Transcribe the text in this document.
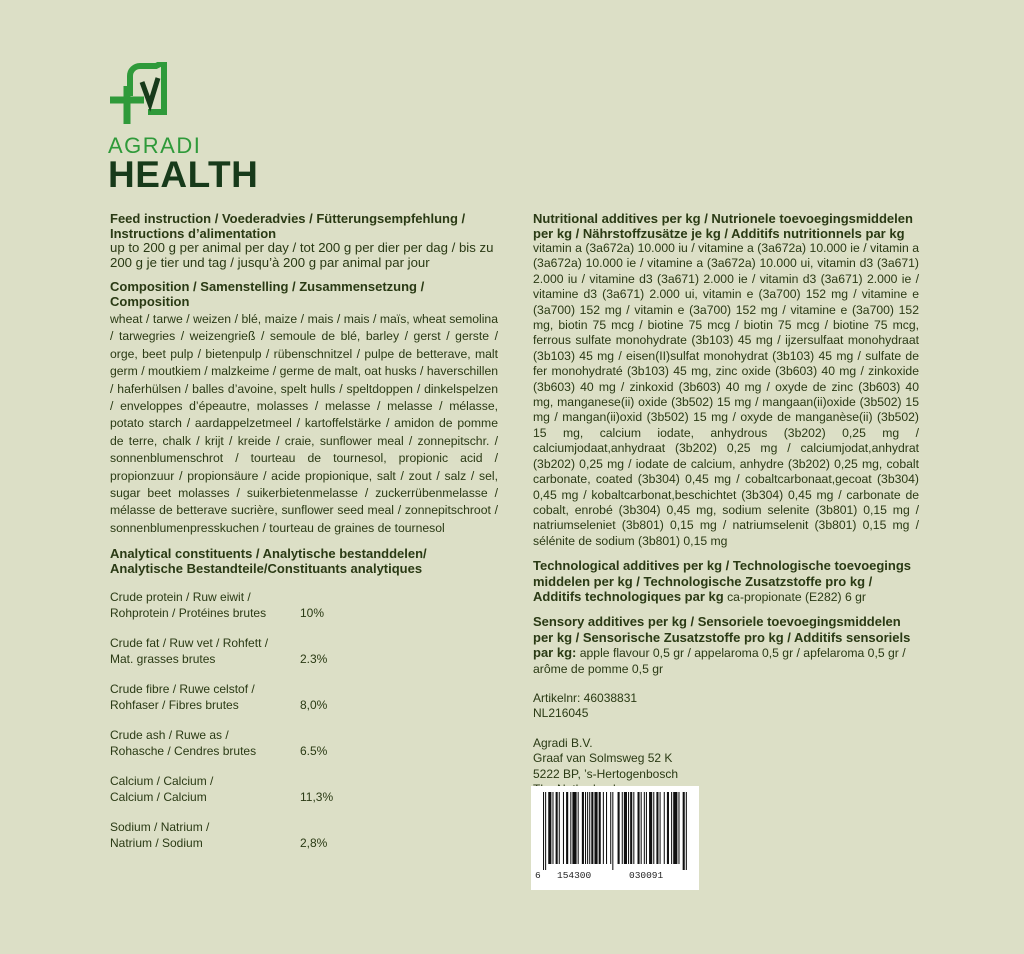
AGRADI
HEALTH
Feed instruction / Voederadvies / Fütterungsempfehlung / Instructions d’alimentation
up to 200 g per animal per day / tot 200 g per dier per dag / bis zu 200 g je tier und tag / jusqu’à 200 g par animal par jour
Composition / Samenstelling / Zusammensetzung / Composition
wheat / tarwe / weizen / blé, maize / mais / mais / maïs, wheat semolina / tarwegries / weizengrieß / semoule de blé, barley / gerst / gerste / orge, beet pulp / bietenpulp / rübenschnitzel / pulpe de betterave, malt germ / moutkiem / malzkeime / germe de malt, oat husks / haverschillen / haferhülsen / balles d’avoine, spelt hulls / speltdoppen / dinkelspelzen / enveloppes d’épeautre, molasses / melasse / melasse / mélasse, potato starch / aardappelzetmeel / kartoffelstärke / amidon de pomme de terre, chalk / krijt / kreide / craie, sunflower meal / zonnepitschr. / sonnenblumenschrot / tourteau de tournesol, propionic acid / propionzuur / propionsäure / acide propionique, salt / zout / salz / sel, sugar beet molasses / suikerbietenmelasse / zuckerrübenmelasse / mélasse de betterave sucrière, sunflower seed meal / zonnepitschroot / sonnenblumenpresskuchen / tourteau de graines de tournesol
Analytical constituents / Analytische bestanddelen/ Analytische Bestandteile/Constituants analytiques
Crude protein / Ruw eiwit /
Rohprotein / Protéines brutes	10%
Crude fat / Ruw vet / Rohfett /
Mat. grasses brutes	2.3%
Crude fibre / Ruwe celstof /
Rohfaser / Fibres brutes	8,0%
Crude ash / Ruwe as /
Rohasche / Cendres brutes	6.5%
Calcium / Calcium /
Calcium / Calcium	11,3%
Sodium / Natrium /
Natrium / Sodium	2,8%
Nutritional additives per kg / Nutrionele toevoegingsmiddelen per kg / Nährstoffzusätze je kg / Additifs nutritionnels par kg
vitamin a (3a672a) 10.000 iu / vitamine a (3a672a) 10.000 ie / vitamin a (3a672a) 10.000 ie / vitamine a (3a672a) 10.000 ui, vitamin d3 (3a671) 2.000 iu / vitamine d3 (3a671) 2.000 ie / vitamin d3 (3a671) 2.000 ie / vitamine d3 (3a671) 2.000 ui, vitamin e (3a700) 152 mg / vitamine e (3a700) 152 mg / vitamin e (3a700) 152 mg / vitamine e (3a700) 152 mg, biotin 75 mcg / biotine 75 mcg / biotin 75 mcg / biotine 75 mcg, ferrous sulfate monohydrate (3b103) 45 mg / ijzersulfaat monohydraat (3b103) 45 mg / eisen(II)sulfat monohydrat (3b103) 45 mg / sulfate de fer monohydraté (3b103) 45 mg, zinc oxide (3b603) 40 mg / zinkoxide (3b603) 40 mg / zinkoxid (3b603) 40 mg / oxyde de zinc (3b603) 40 mg, manganese(ii) oxide (3b502) 15 mg / mangaan(ii)oxide (3b502) 15 mg / mangan(ii)oxid (3b502) 15 mg / oxyde de manganèse(ii) (3b502) 15 mg, calcium iodate, anhydrous (3b202) 0,25 mg / calciumjodaat,anhydraat (3b202) 0,25 mg / calciumjodat,anhydrat (3b202) 0,25 mg / iodate de calcium, anhydre (3b202) 0,25 mg, cobalt carbonate, coated (3b304) 0,45 mg / cobaltcarbonaat,gecoat (3b304) 0,45 mg / kobaltcarbonat,beschichtet (3b304) 0,45 mg / carbonate de cobalt, enrobé (3b304) 0,45 mg, sodium selenite (3b801) 0,15 mg / natriumseleniet (3b801) 0,15 mg / natriumselenit (3b801) 0,15 mg / sélénite de sodium (3b801) 0,15 mg
Technological additives per kg / Technologische toevoegings middelen per kg / Technologische Zusatzstoffe pro kg / Additifs technologiques par kg ca-propionate (E282) 6 gr
Sensory additives per kg / Sensoriele toevoegingsmiddelen per kg / Sensorische Zusatzstoffe pro kg / Additifs sensoriels par kg: apple flavour 0,5 gr / appelaroma 0,5 gr / apfelaroma 0,5 gr / arôme de pomme 0,5 gr
Artikelnr: 46038831
NL216045
Agradi B.V.
Graaf van Solmsweg 52 K
5222 BP, ’s-Hertogenbosch
6 154300	030091
